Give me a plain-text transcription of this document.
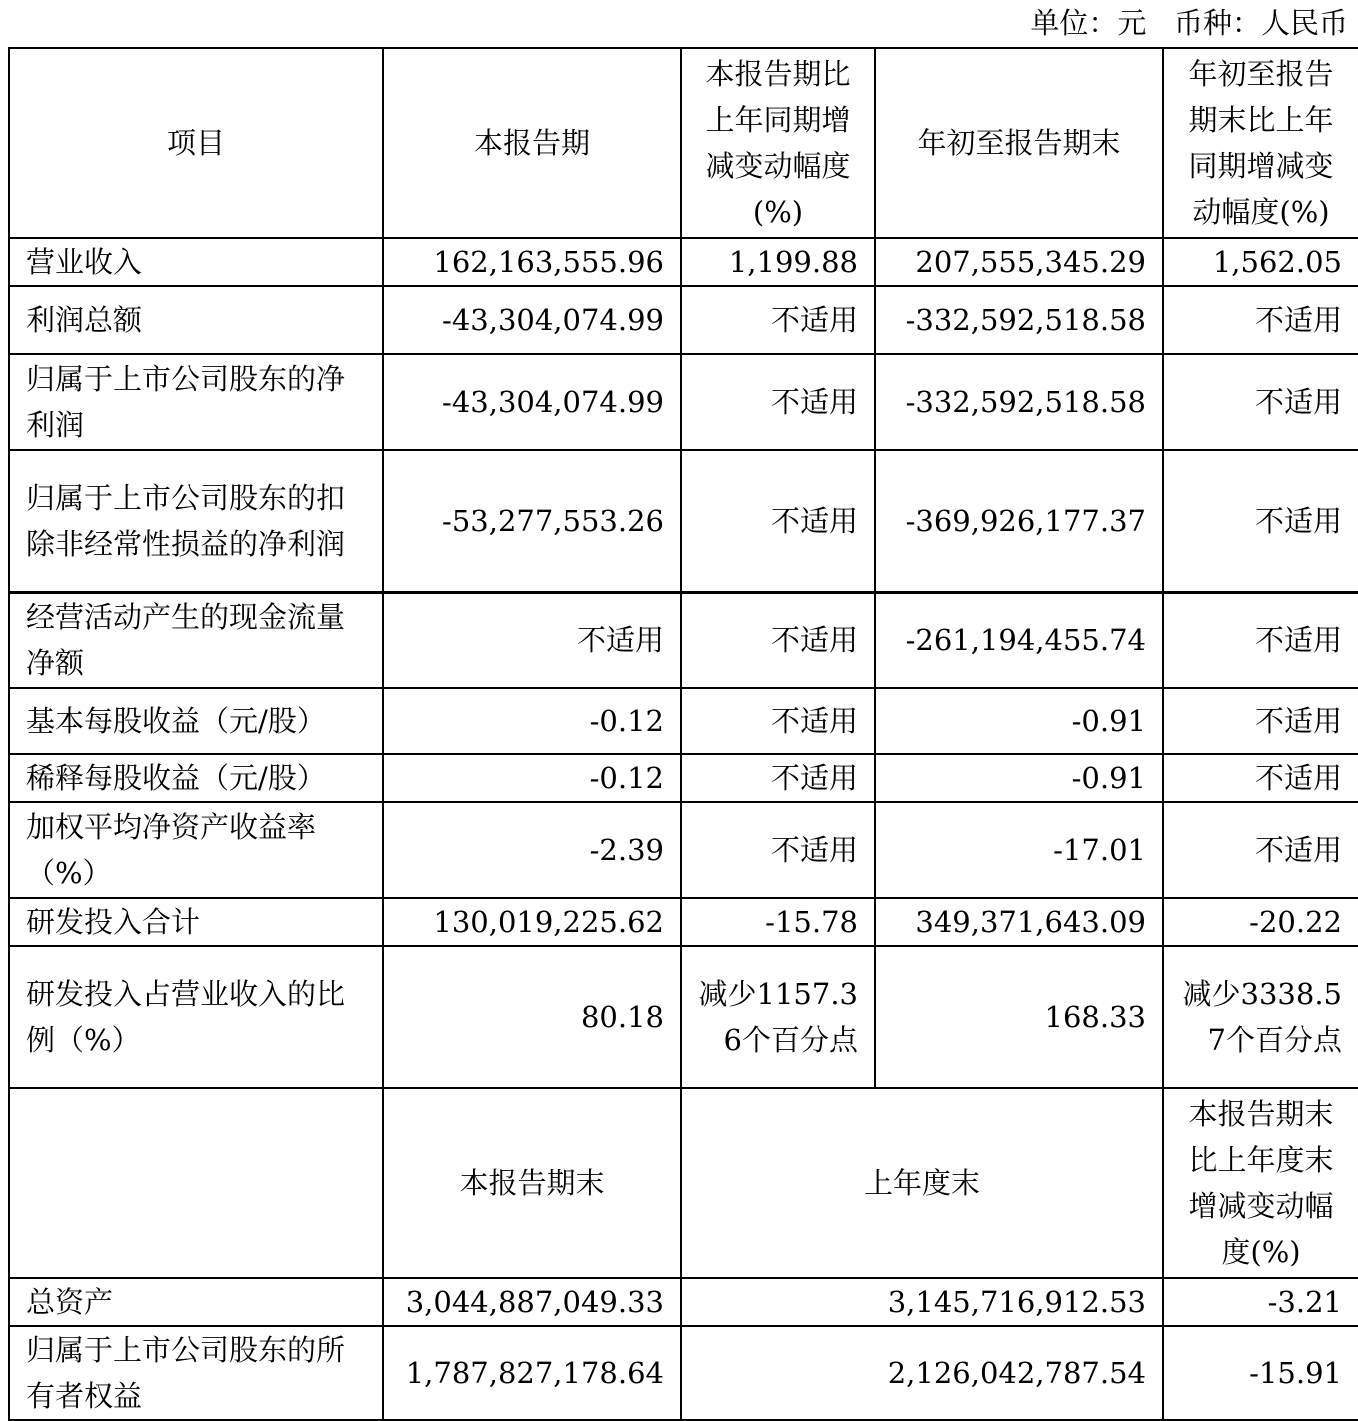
单位：元   币种：人民币
项目	本报告期	本报告期比上年同期增减变动幅度(%)	年初至报告期末	年初至报告期末比上年同期增减变动幅度(%)
营业收入	162,163,555.96	1,199.88	207,555,345.29	1,562.05
利润总额	-43,304,074.99	不适用	-332,592,518.58	不适用
归属于上市公司股东的净利润	-43,304,074.99	不适用	-332,592,518.58	不适用
归属于上市公司股东的扣除非经常性损益的净利润	-53,277,553.26	不适用	-369,926,177.37	不适用
经营活动产生的现金流量净额	不适用	不适用	-261,194,455.74	不适用
基本每股收益（元/股）	-0.12	不适用	-0.91	不适用
稀释每股收益（元/股）	-0.12	不适用	-0.91	不适用
加权平均净资产收益率（%）	-2.39	不适用	-17.01	不适用
研发投入合计	130,019,225.62	-15.78	349,371,643.09	-20.22
研发投入占营业收入的比例（%）	80.18	减少1157.36个百分点	168.33	减少3338.57个百分点
	本报告期末	上年度末		本报告期末比上年度末增减变动幅度(%)
总资产	3,044,887,049.33	3,145,716,912.53		-3.21
归属于上市公司股东的所有者权益	1,787,827,178.64	2,126,042,787.54		-15.91
